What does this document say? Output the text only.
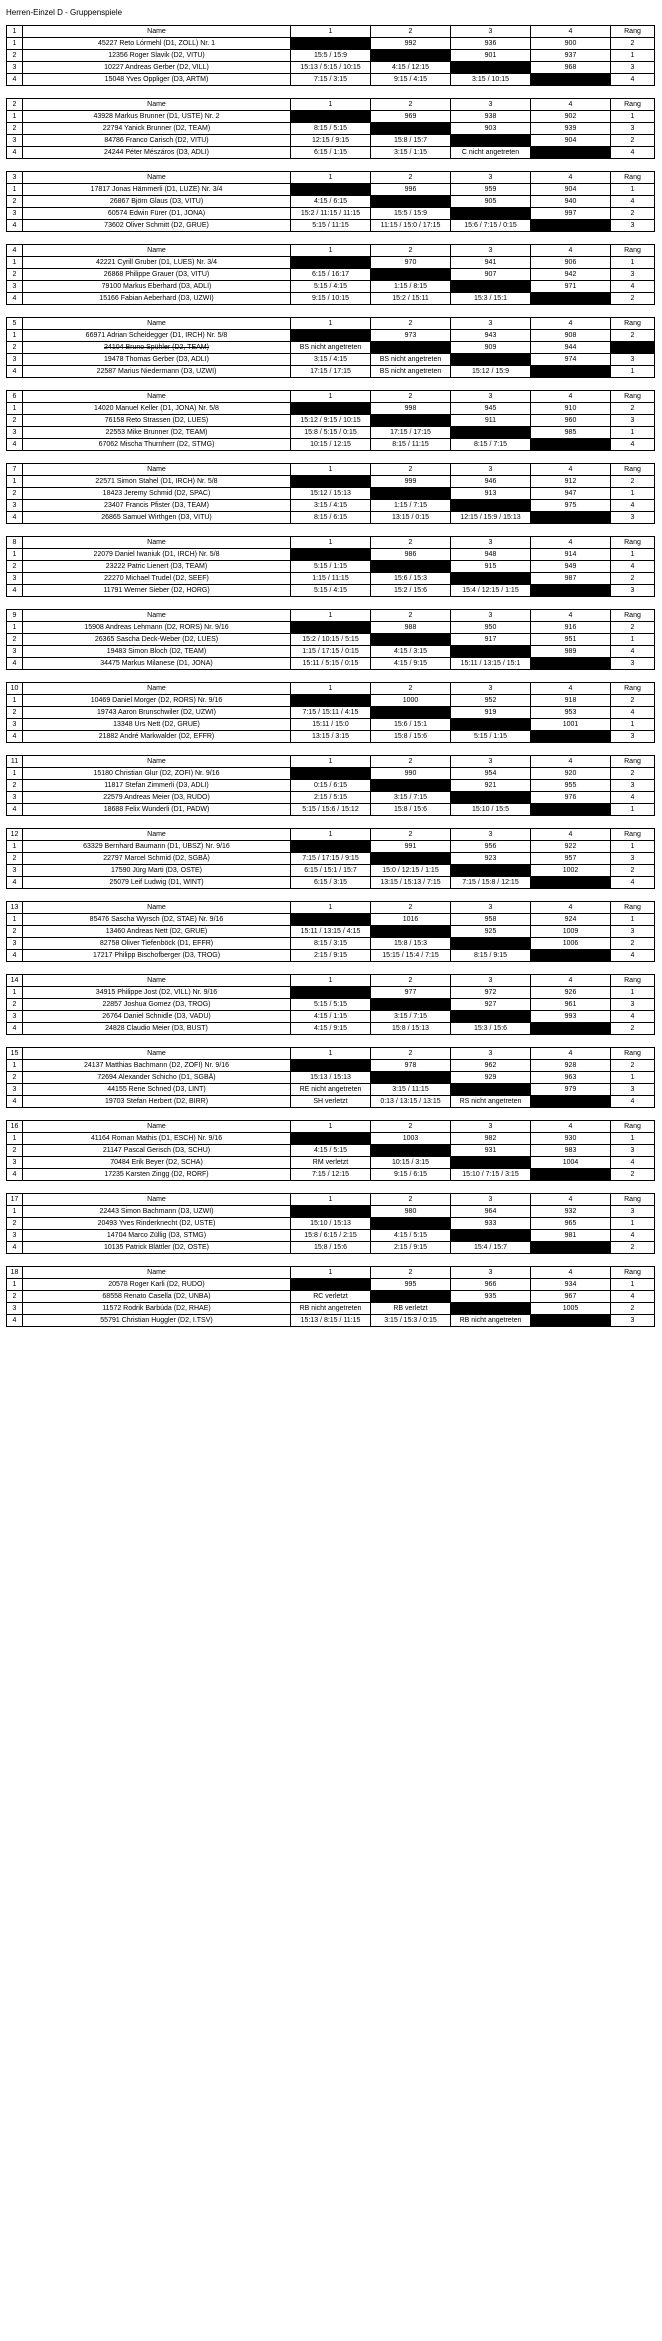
Herren-Einzel D - Gruppenspiele
1	Name	1	2	3	4	Rang
1	45227 Reto Lórmehl (D1, ZOLL) Nr. 1		992	936	900	2
2	12356 Roger Slavik (D2, VITU)	15:5 / 15:9		901	937	1
3	10227 Andreas Gerber (D2, VILL)	15:13 / 5:15 / 10:15	4:15 / 12:15		968	3
4	15048 Yves Oppliger (D3, ARTM)	7:15 / 3:15	9:15 / 4:15	3:15 / 10:15		4
2	Name	1	2	3	4	Rang
1	43928 Markus Brunner (D1, USTE) Nr. 2		969	938	902	1
2	22794 Yanick Brunner (D2, TEAM)	8:15 / 5:15		903	939	3
3	84786 Franco Carisch (D2, VITU)	12:15 / 9:15	15:8 / 15:7		904	2
4	24244 Péter Mészáros (D3, ADLI)	6:15 / 1:15	3:15 / 1:15	C nicht angetreten		4
3	Name	1	2	3	4	Rang
1	17817 Jonas Hämmerli (D1, LUZE) Nr. 3/4		996	959	904	1
2	26867 Björn Glaus (D3, VITU)	4:15 / 6:15		905	940	4
3	60574 Edwin Fürer (D1, JONA)	15:2 / 11:15 / 11:15	15:5 / 15:9		997	2
4	73602 Oliver Schmitt (D2, GRUE)	5:15 / 11:15	11:15 / 15:0 / 17:15	15:6 / 7:15 / 0:15		3
4	Name	1	2	3	4	Rang
1	42221 Cyrill Gruber (D1, LUES) Nr. 3/4		970	941	906	1
2	26868 Philippe Grauer (D3, VITU)	6:15 / 16:17		907	942	3
3	79100 Markus Eberhard (D3, ADLI)	5:15 / 4:15	1:15 / 8:15		971	4
4	15166 Fabian Aeberhard (D3, UZWI)	9:15 / 10:15	15:2 / 15:11	15:3 / 15:1		2
5	Name	1	2	3	4	Rang
1	66971 Adrian Scheidegger (D1, IRCH) Nr. 5/8		973	943	908	2
2	24104 Bruno Spühler (D2, TEAM)	BS nicht angetreten		909	944	
3	19478 Thomas Gerber (D3, ADLI)	3:15 / 4:15	BS nicht angetreten		974	3
4	22587 Marius Niedermann (D3, UZWI)	17:15 / 17:15	BS nicht angetreten	15:12 / 15:9		1
6	Name	1	2	3	4	Rang
1	14020 Manuel Keller (D1, JONA) Nr. 5/8		998	945	910	2
2	76158 Reto Strassen (D2, LUES)	15:12 / 9:15 / 10:15		911	960	3
3	22553 Mike Brunner (D2, TEAM)	15:8 / 5:15 / 0:15	17:15 / 17:15		985	1
4	67062 Mischa Thurnherr (D2, STMG)	10:15 / 12:15	8:15 / 11:15	8:15 / 7:15		4
7	Name	1	2	3	4	Rang
1	22571 Simon Stahel (D1, IRCH) Nr. 5/8		999	946	912	2
2	18423 Jeremy Schmid (D2, SPAC)	15:12 / 15:13		913	947	1
3	23407 Francis Pfister (D3, TEAM)	3:15 / 4:15	1:15 / 7:15		975	4
4	26865 Samuel Wirthgen (D3, VITU)	8:15 / 6:15	13:15 / 0:15	12:15 / 15:9 / 15:13		3
8	Name	1	2	3	4	Rang
1	22079 Daniel Iwaniuk (D1, IRCH) Nr. 5/8		986	948	914	1
2	23222 Patric Lienert (D3, TEAM)	5:15 / 1:15		915	949	4
3	22270 Michael Trudel (D2, SEEF)	1:15 / 11:15	15:6 / 15:3		987	2
4	11791 Werner Sieber (D2, HORG)	5:15 / 4:15	15:2 / 15:6	15:4 / 12:15 / 1:15		3
9	Name	1	2	3	4	Rang
1	15908 Andreas Lehmann (D2, RORS) Nr. 9/16		988	950	916	2
2	26365 Sascha Deck-Weber (D2, LUES)	15:2 / 10:15 / 5:15		917	951	1
3	19483 Simon Bloch (D2, TEAM)	1:15 / 17:15 / 0:15	4:15 / 3:15		989	4
4	34475 Markus Milanese (D1, JONA)	15:11 / 5:15 / 0:15	4:15 / 9:15	15:11 / 13:15 / 15:1		3
10	Name	1	2	3	4	Rang
1	10469 Daniel Morger (D2, RORS) Nr. 9/16		1000	952	918	2
2	19743 Aaron Brunschwiler (D2, UZWI)	7:15 / 15:11 / 4:15		919	953	4
3	13348 Urs Nett (D2, GRUE)	15:11 / 15:0	15:6 / 15:1		1001	1
4	21882 André Markwalder (D2, EFFR)	13:15 / 3:15	15:8 / 15:6	5:15 / 1:15		3
11	Name	1	2	3	4	Rang
1	15180 Christian Glur (D2, ZOFI) Nr. 9/16		990	954	920	2
2	11817 Stefan Zimmerli (D3, ADLI)	0:15 / 6:15		921	955	3
3	22579 Andreas Meier (D3, RUDO)	2:15 / 5:15	3:15 / 7:15		976	4
4	18688 Felix Wunderli (D1, PADW)	5:15 / 15:6 / 15:12	15:8 / 15:6	15:10 / 15:5		1
12	Name	1	2	3	4	Rang
1	63329 Bernhard Baumann (D1, UBSZ) Nr. 9/16		991	956	922	1
2	22797 Marcel Schmid (D2, SGBÄ)	7:15 / 17:15 / 9:15		923	957	3
3	17590 Jürg Marti (D3, OSTE)	6:15 / 15:1 / 15:7	15:0 / 12:15 / 1:15		1002	2
4	25079 Leif Ludwig (D1, WINT)	6:15 / 3:15	13:15 / 15:13 / 7:15	7:15 / 15:8 / 12:15		4
13	Name	1	2	3	4	Rang
1	85476 Sascha Wyrsch (D2, STAE) Nr. 9/16		1016	958	924	1
2	13460 Andreas Nett (D2, GRUE)	15:11 / 13:15 / 4:15		925	1009	3
3	82758 Oliver Tiefenböck (D1, EFFR)	8:15 / 3:15	15:8 / 15:3		1006	2
4	17217 Philipp Bischofberger (D3, TROG)	2:15 / 9:15	15:15 / 15:4 / 7:15	8:15 / 9:15		4
14	Name	1	2	3	4	Rang
1	34915 Philippe Jost (D2, VILL) Nr. 9/16		977	972	926	1
2	22857 Joshua Gomez (D3, TROG)	5:15 / 5:15		927	961	3
3	26764 Daniel Schnidle (D3, VADU)	4:15 / 1:15	3:15 / 7:15		993	4
4	24828 Claudio Meier (D3, BUST)	4:15 / 9:15	15:8 / 15:13	15:3 / 15:6		2
15	Name	1	2	3	4	Rang
1	24137 Matthias Bachmann (D2, ZOFI) Nr. 9/16		978	962	928	2
2	72694 Alexander Schicho (D1, SGBÄ)	15:13 / 15:13		929	963	1
3	44155 Rene Schned (D3, LINT)	RE nicht angetreten	3:15 / 11:15		979	3
4	19703 Stefan Herbert (D2, BIRR)	SH verletzt	0:13 / 13:15 / 13:15	RS nicht angetreten		4
16	Name	1	2	3	4	Rang
1	41164 Roman Mathis (D1, ESCH) Nr. 9/16		1003	982	930	1
2	21147 Pascal Gerisch (D3, SCHU)	4:15 / 5:15		931	983	3
3	70484 Erik Beyer (D2, SCHA)	RM verletzt	10:15 / 3:15		1004	4
4	17235 Karsten Zingg (D2, RORF)	7:15 / 12:15	9:15 / 6:15	15:10 / 7:15 / 3:15		2
17	Name	1	2	3	4	Rang
1	22443 Simon Bachmann (D3, UZWI)		980	964	932	3
2	20493 Yves Rinderknecht (D2, USTE)	15:10 / 15:13		933	965	1
3	14704 Marco Züllig (D3, STMG)	15:8 / 6:15 / 2:15	4:15 / 5:15		981	4
4	10135 Patrick Blättler (D2, OSTE)	15:8 / 15:6	2:15 / 9:15	15:4 / 15:7		2
18	Name	1	2	3	4	Rang
1	20578 Roger Karli (D2, RUDO)		995	966	934	1
2	68558 Renato Casella (D2, UNBA)	RC verletzt		935	967	4
3	11572 Rodrik Barbúda (D2, RHAE)	RB nicht angetreten	RB verletzt		1005	2
4	55791 Christian Huggler (D2, I.TSV)	15:13 / 8:15 / 11:15	3:15 / 15:3 / 0:15	RB nicht angetreten		3
